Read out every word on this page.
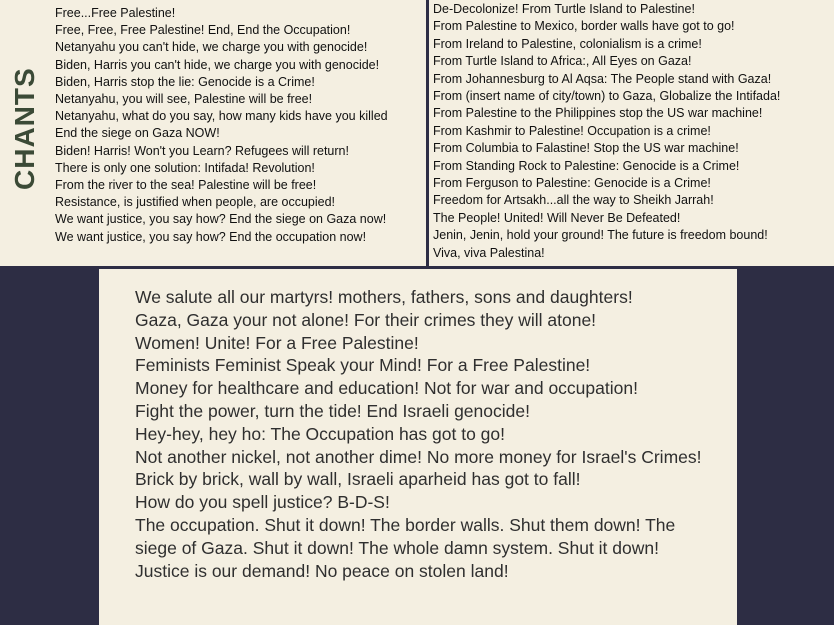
CHANTS
Free...Free Palestine!
Free, Free, Free Palestine! End, End the Occupation!
Netanyahu you can't hide, we charge you with genocide!
Biden, Harris you can't hide, we charge you with genocide!
Biden, Harris stop the lie: Genocide is a Crime!
Netanyahu, you will see, Palestine will be free!
Netanyahu, what do you say, how many kids have you killed
End the siege on Gaza NOW!
Biden! Harris! Won't you Learn? Refugees will return!
There is only one solution: Intifada! Revolution!
From the river to the sea! Palestine will be free!
Resistance, is justified when people, are occupied!
We want justice, you say how? End the siege on Gaza now!
We want justice, you say how? End the occupation now!
De-Decolonize! From Turtle Island to Palestine!
From Palestine to Mexico, border walls have got to go!
From Ireland to Palestine, colonialism is a crime!
From Turtle Island to Africa:, All Eyes on Gaza!
From Johannesburg to Al Aqsa: The People stand with Gaza!
From (insert name of city/town) to Gaza, Globalize the Intifada!
From Palestine to the Philippines stop the US war machine!
From Kashmir to Palestine! Occupation is a crime!
From Columbia to Falastine! Stop the US war machine!
From Standing Rock to Palestine: Genocide is a Crime!
From Ferguson to Palestine: Genocide is a Crime!
Freedom for Artsakh...all the way to Sheikh Jarrah!
The People! United! Will Never Be Defeated!
Jenin, Jenin, hold your ground! The future is freedom bound!
Viva, viva Palestina!
We salute all our martyrs! mothers, fathers, sons and daughters!
Gaza, Gaza your not alone! For their crimes they will atone!
Women! Unite! For a Free Palestine!
Feminists Feminist Speak your Mind! For a Free Palestine!
Money for healthcare and education! Not for war and occupation!
Fight the power, turn the tide! End Israeli genocide!
Hey-hey, hey ho: The Occupation has got to go!
Not another nickel, not another dime! No more money for Israel's Crimes!
Brick by brick, wall by wall, Israeli aparheid has got to fall!
How do you spell justice? B-D-S!
The occupation. Shut it down! The border walls. Shut them down! The siege of Gaza. Shut it down! The whole damn system. Shut it down!
Justice is our demand! No peace on stolen land!
